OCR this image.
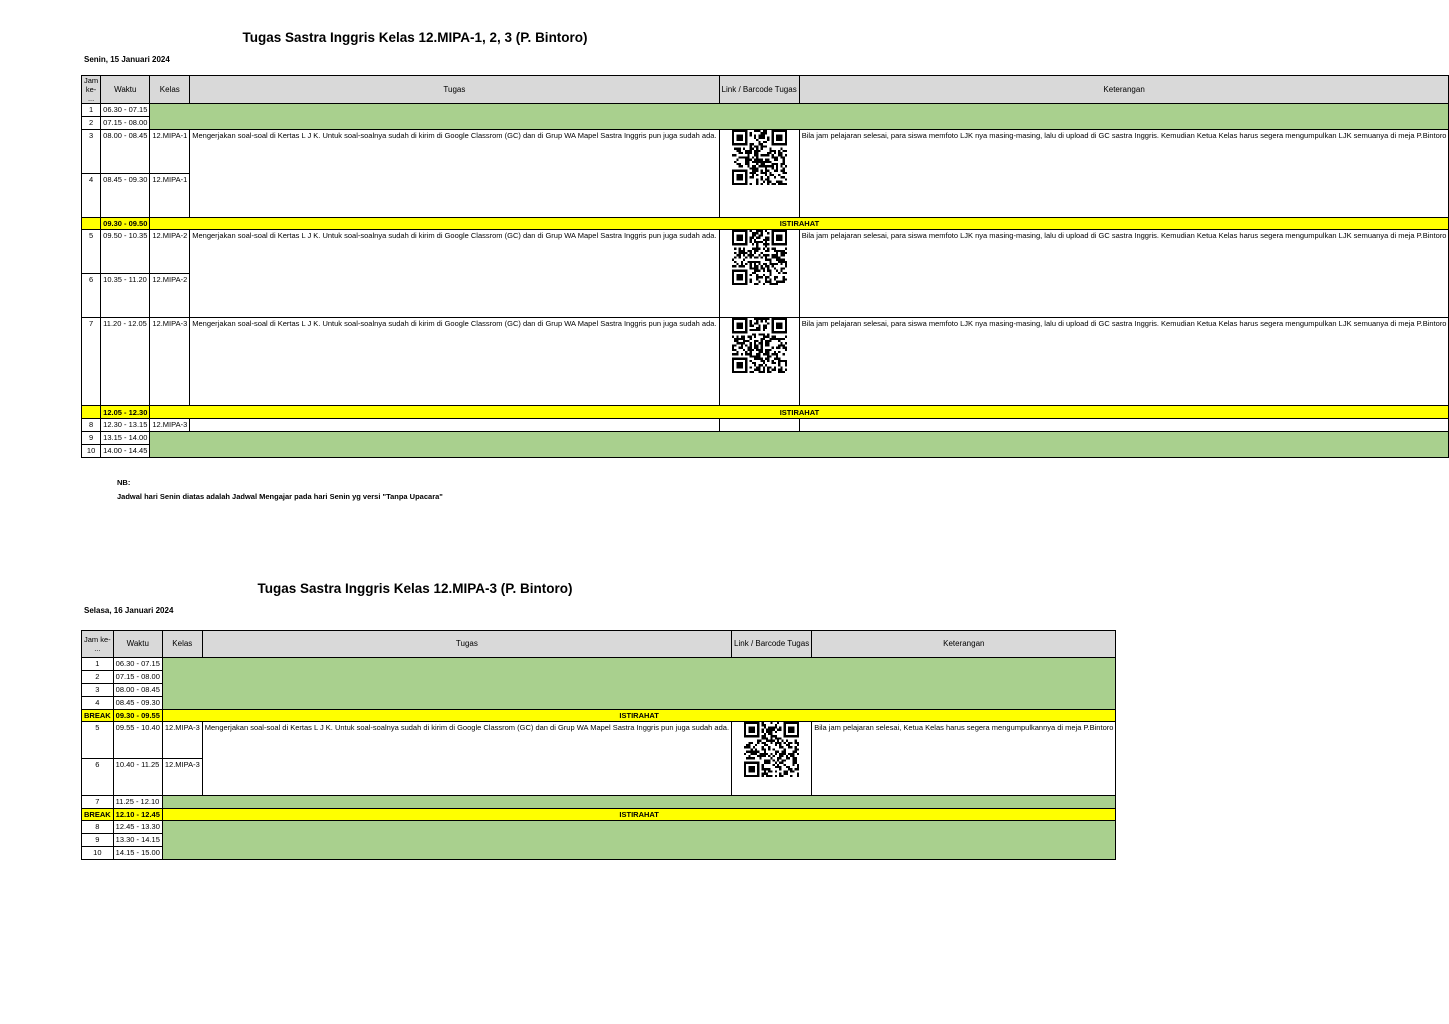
Tugas Sastra Inggris Kelas 12.MIPA-1, 2, 3 (P. Bintoro)
Senin, 15 Januari 2024
Jam ke-
...	Waktu	Kelas	Tugas	Link / Barcode Tugas	Keterangan
1	06.30 - 07.15				
2	07.15 - 08.00				
3	08.00 - 08.45	12.MIPA-1	Mengerjakan soal-soal di Kertas L J K. Untuk soal-soalnya sudah di kirim di Google Classrom (GC) dan di Grup WA Mapel Sastra Inggris pun juga sudah ada.		Bila jam pelajaran selesai, para siswa memfoto LJK nya masing-masing, lalu di upload di GC sastra Inggris. Kemudian Ketua Kelas harus segera mengumpulkan LJK semuanya di meja P.Bintoro
4	08.45 - 09.30	12.MIPA-1			
	09.30 - 09.50	ISTIRAHAT			
5	09.50 - 10.35	12.MIPA-2	Mengerjakan soal-soal di Kertas L J K. Untuk soal-soalnya sudah di kirim di Google Classrom (GC) dan di Grup WA Mapel Sastra Inggris pun juga sudah ada.		Bila jam pelajaran selesai, para siswa memfoto LJK nya masing-masing, lalu di upload di GC sastra Inggris. Kemudian Ketua Kelas harus segera mengumpulkan LJK semuanya di meja P.Bintoro
6	10.35 - 11.20	12.MIPA-2			
7	11.20 - 12.05	12.MIPA-3	Mengerjakan soal-soal di Kertas L J K. Untuk soal-soalnya sudah di kirim di Google Classrom (GC) dan di Grup WA Mapel Sastra Inggris pun juga sudah ada.		Bila jam pelajaran selesai, para siswa memfoto LJK nya masing-masing, lalu di upload di GC sastra Inggris. Kemudian Ketua Kelas harus segera mengumpulkan LJK semuanya di meja P.Bintoro
	12.05 - 12.30	ISTIRAHAT			
8	12.30 - 13.15	12.MIPA-3			
9	13.15 - 14.00				
10	14.00 - 14.45				
NB:
Jadwal hari Senin diatas adalah Jadwal Mengajar pada hari Senin yg versi "Tanpa Upacara"
Tugas Sastra Inggris Kelas 12.MIPA-3 (P. Bintoro)
Selasa, 16 Januari 2024
Jam ke-
...	Waktu	Kelas	Tugas	Link / Barcode Tugas	Keterangan
1	06.30 - 07.15				
2	07.15 - 08.00				
3	08.00 - 08.45				
4	08.45 - 09.30				
BREAK	09.30 - 09.55	ISTIRAHAT			
5	09.55 - 10.40	12.MIPA-3	Mengerjakan soal-soal di Kertas L J K. Untuk soal-soalnya sudah di kirim di Google Classrom (GC) dan di Grup WA Mapel Sastra Inggris pun juga sudah ada.		Bila jam pelajaran selesai, Ketua Kelas harus segera mengumpulkannya di meja P.Bintoro
6	10.40 - 11.25	12.MIPA-3			
7	11.25 - 12.10				
BREAK	12.10 - 12.45	ISTIRAHAT			
8	12.45 - 13.30				
9	13.30 - 14.15				
10	14.15 - 15.00				
